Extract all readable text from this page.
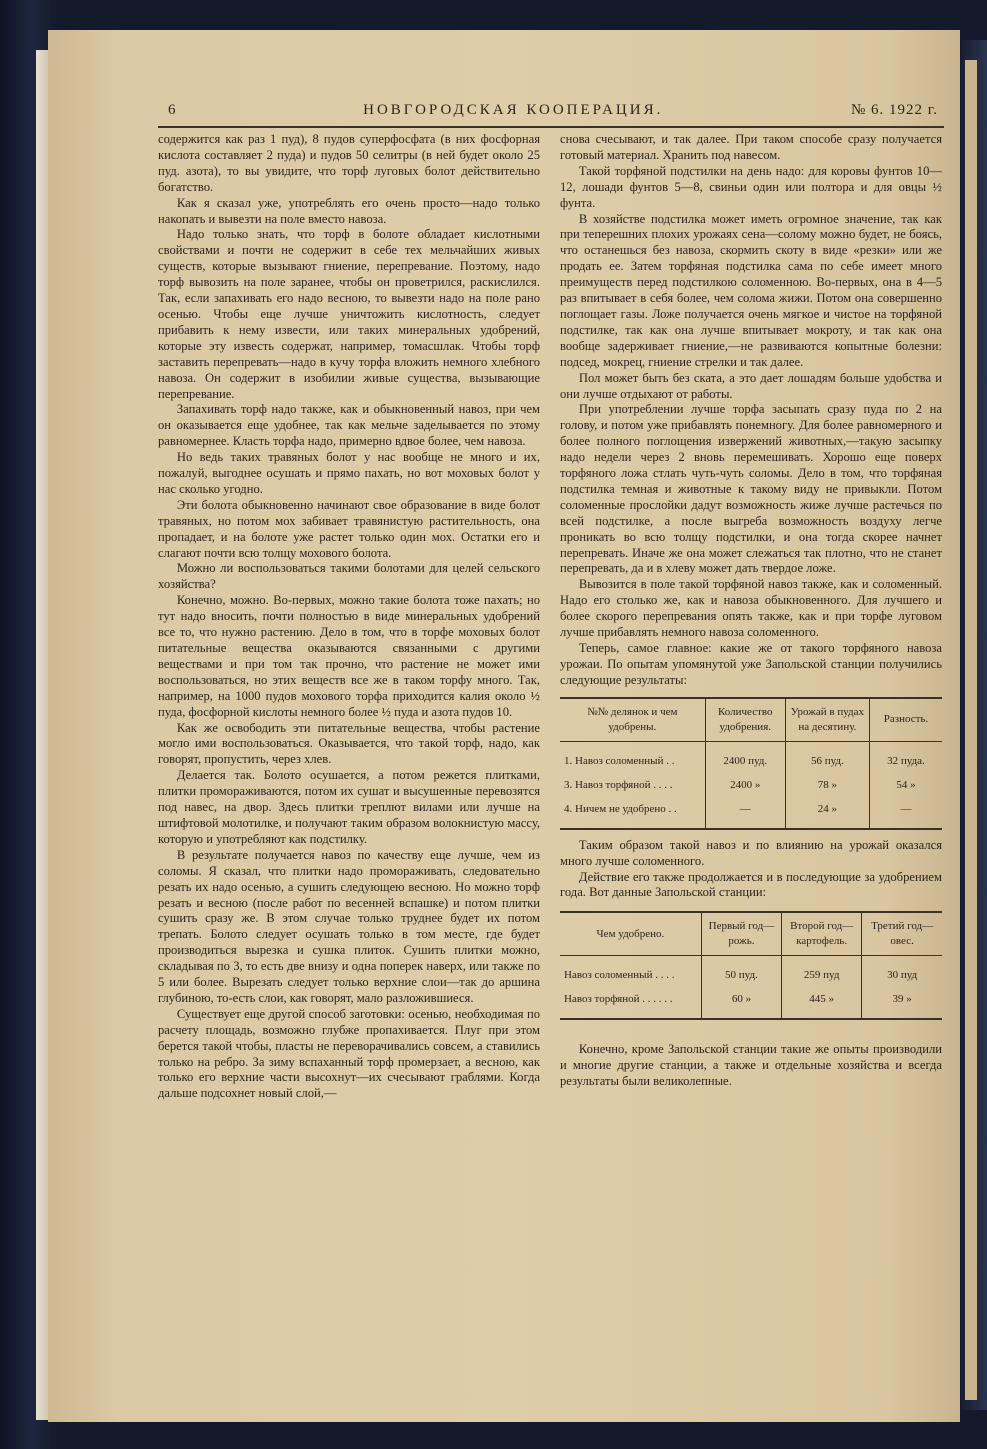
6	НОВГОРОДСКАЯ КООПЕРАЦИЯ.	№ 6. 1922 г.

содержится как раз 1 пуд), 8 пудов суперфосфата (в них фосфорная кислота составляет 2 пуда) и пудов 50 селитры (в ней будет около 25 пуд. азота), то вы увидите, что торф луговых болот действительно богатство.

Как я сказал уже, употреблять его очень просто—надо только накопать и вывезти на поле вместо навоза.

Надо только знать, что торф в болоте обладает кислотными свойствами и почти не содержит в себе тех мельчайших живых существ, которые вызывают гниение, перепревание. Поэтому, надо торф вывозить на поле заранее, чтобы он проветрился, раскислился. Так, если запахивать его надо весною, то вывезти надо на поле рано осенью. Чтобы еще лучше уничтожить кислотность, следует прибавить к нему извести, или таких минеральных удобрений, которые эту известь содержат, например, томасшлак. Чтобы торф заставить перепревать—надо в кучу торфа вложить немного хлебного навоза. Он содержит в изобилии живые существа, вызывающие перепревание.

Запахивать торф надо также, как и обыкновенный навоз, при чем он оказывается еще удобнее, так как мельче заделывается по этому равномернее. Класть торфа надо, примерно вдвое более, чем навоза.

Но ведь таких травяных болот у нас вообще не много и их, пожалуй, выгоднее осушать и прямо пахать, но вот моховых болот у нас сколько угодно.

Эти болота обыкновенно начинают свое образование в виде болот травяных, но потом мох забивает травянистую растительность, она пропадает, и на болоте уже растет только один мох. Остатки его и слагают почти всю толщу мохового болота.

Можно ли воспользоваться такими болотами для целей сельского хозяйства?

Конечно, можно. Во-первых, можно такие болота тоже пахать; но тут надо вносить, почти полностью в виде минеральных удобрений все то, что нужно растению. Дело в том, что в торфе моховых болот питательные вещества оказываются связанными с другими веществами и при том так прочно, что растение не может ими воспользоваться, но этих веществ все же в таком торфу много. Так, например, на 1000 пудов мохового торфа приходится калия около ½ пуда, фосфорной кислоты немного более ½ пуда и азота пудов 10.

Как же освободить эти питательные вещества, чтобы растение могло ими воспользоваться. Оказывается, что такой торф, надо, как говорят, пропустить, через хлев.

Делается так. Болото осушается, а потом режется плитками, плитки промораживаются, потом их сушат и высушенные перевозятся под навес, на двор. Здесь плитки треплют вилами или лучше на штифтовой молотилке, и получают таким образом волокнистую массу, которую и употребляют как подстилку.

В результате получается навоз по качеству еще лучше, чем из соломы. Я сказал, что плитки надо промораживать, следовательно резать их надо осенью, а сушить следующею весною. Но можно торф резать и весною (после работ по весенней вспашке) и потом плитки сушить сразу же. В этом случае только труднее будет их потом трепать. Болото следует осушать только в том месте, где будет производиться вырезка и сушка плиток. Сушить плитки можно, складывая по 3, то есть две внизу и одна поперек наверх, или также по 5 или более. Вырезать следует только верхние слои—так до аршина глубиною, то-есть слои, как говорят, мало разложившиеся.

Существует еще другой способ заготовки: осенью, необходимая по расчету площадь, возможно глубже пропахивается. Плуг при этом берется такой чтобы, пласты не переворачивались совсем, а ставились только на ребро. За зиму вспаханный торф промерзает, а весною, как только его верхние части высохнут—их счесывают граблями. Когда дальше подсохнет новый слой,—

снова счесывают, и так далее. При таком способе сразу получается готовый материал. Хранить под навесом.

Такой торфяной подстилки на день надо: для коровы фунтов 10—12, лошади фунтов 5—8, свиньи один или полтора и для овцы ½ фунта.

В хозяйстве подстилка может иметь огромное значение, так как при теперешних плохих урожаях сена—солому можно будет, не боясь, что останешься без навоза, скормить скоту в виде «резки» или же продать ее. Затем торфяная подстилка сама по себе имеет много преимуществ перед подстилкою соломенною. Во-первых, она в 4—5 раз впитывает в себя более, чем солома жижи. Потом она совершенно поглощает газы. Ложе получается очень мягкое и чистое на торфяной подстилке, так как она лучше впитывает мокроту, и так как она вообще задерживает гниение,—не развиваются копытные болезни: подсед, мокрец, гниение стрелки и так далее.

Пол может быть без ската, а это дает лошадям больше удобства и они лучше отдыхают от работы.

При употреблении лучше торфа засыпать сразу пуда по 2 на голову, и потом уже прибавлять понемногу. Для более равномерного и более полного поглощения извержений животных,—такую засыпку надо недели через 2 вновь перемешивать. Хорошо еще поверх торфяного ложа стлать чуть-чуть соломы. Дело в том, что торфяная подстилка темная и животные к такому виду не привыкли. Потом соломенные прослойки дадут возможность жиже лучше растечься по всей подстилке, а после выгреба возможность воздуху легче проникать во всю толщу подстилки, и она тогда скорее начнет перепревать. Иначе же она может слежаться так плотно, что не станет перепревать, да и в хлеву может дать твердое ложе.

Вывозится в поле такой торфяной навоз также, как и соломенный. Надо его столько же, как и навоза обыкновенного. Для лучшего и более скорого перепревания опять также, как и при торфе луговом лучше прибавлять немного навоза соломенного.

Теперь, самое главное: какие же от такого торфяного навоза урожаи. По опытам упомянутой уже Запольской станции получились следующие результаты:

№№ делянок и чем удобрены.	Количество удобрения.	Урожай в пудах на десятину.	Разность.
1. Навоз соломенный . .	2400 пуд.	56 пуд.	32 пуда.
3. Навоз торфяной . . . .	2400 »	78 »	54 »
4. Ничем не удобрено . .	—	24 »	—

Таким образом такой навоз и по влиянию на урожай оказался много лучше соломенного.

Действие его также продолжается и в последующие за удобрением года. Вот данные Запольской станции:

Чем удобрено.	Первый год—рожь.	Второй год—картофель.	Третий год—овес.
Навоз соломенный . . . .	50 пуд.	259 пуд	30 пуд
Навоз торфяной . . . . . .	60 »	445 »	39 »

Конечно, кроме Запольской станции такие же опыты производили и многие другие станции, а также и отдельные хозяйства и всегда результаты были великолепные.
